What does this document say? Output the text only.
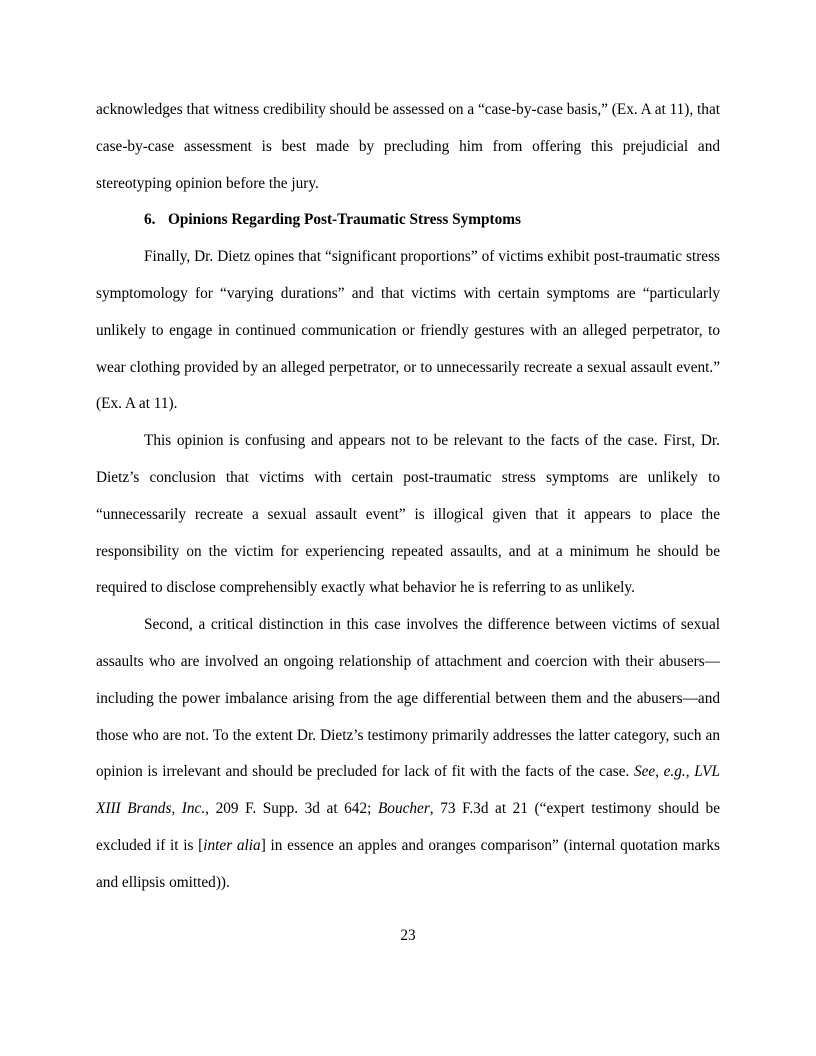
acknowledges that witness credibility should be assessed on a “case-by-case basis,” (Ex. A at 11), that case-by-case assessment is best made by precluding him from offering this prejudicial and stereotyping opinion before the jury.

6. Opinions Regarding Post-Traumatic Stress Symptoms

Finally, Dr. Dietz opines that “significant proportions” of victims exhibit post-traumatic stress symptomology for “varying durations” and that victims with certain symptoms are “particularly unlikely to engage in continued communication or friendly gestures with an alleged perpetrator, to wear clothing provided by an alleged perpetrator, or to unnecessarily recreate a sexual assault event.” (Ex. A at 11).

This opinion is confusing and appears not to be relevant to the facts of the case. First, Dr. Dietz’s conclusion that victims with certain post-traumatic stress symptoms are unlikely to “unnecessarily recreate a sexual assault event” is illogical given that it appears to place the responsibility on the victim for experiencing repeated assaults, and at a minimum he should be required to disclose comprehensibly exactly what behavior he is referring to as unlikely.

Second, a critical distinction in this case involves the difference between victims of sexual assaults who are involved an ongoing relationship of attachment and coercion with their abusers—including the power imbalance arising from the age differential between them and the abusers—and those who are not. To the extent Dr. Dietz’s testimony primarily addresses the latter category, such an opinion is irrelevant and should be precluded for lack of fit with the facts of the case. See, e.g., LVL XIII Brands, Inc., 209 F. Supp. 3d at 642; Boucher, 73 F.3d at 21 (“expert testimony should be excluded if it is [inter alia] in essence an apples and oranges comparison” (internal quotation marks and ellipsis omitted)).

23
